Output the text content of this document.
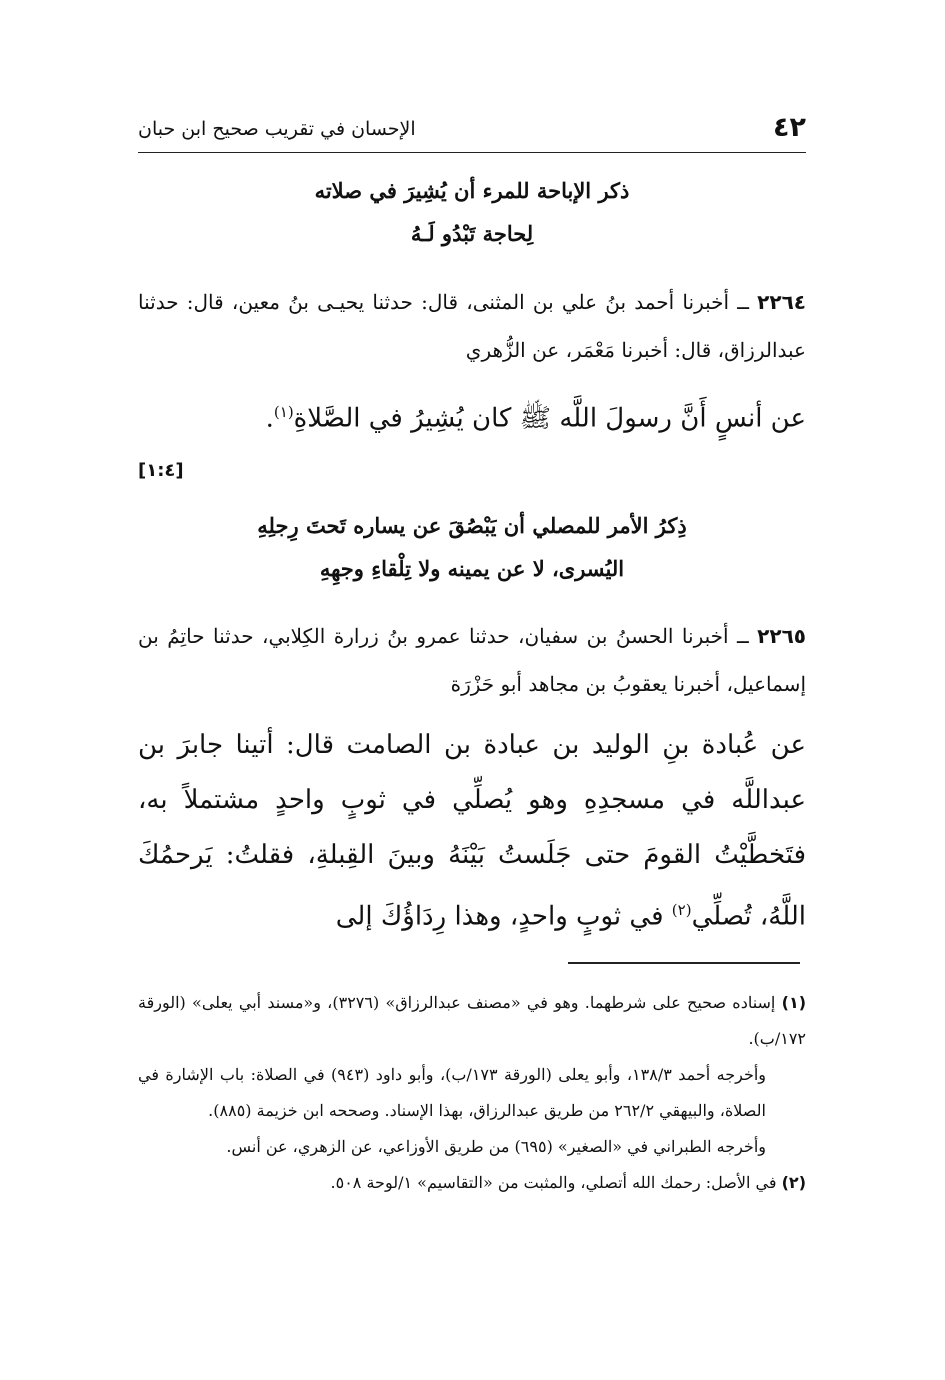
٤٢
الإحسان في تقريب صحيح ابن حبان
ذكر الإباحة للمرء أن يُشِيرَ في صلاته
لِحاجة تَبْدُو لَـهُ
٢٢٦٤ ــ أخبرنا أحمد بنُ علي بن المثنى، قال: حدثنا يحيـى بنُ معين، قال: حدثنا عبدالرزاق، قال: أخبرنا مَعْمَر، عن الزُّهري
عن أنسٍ أَنَّ رسولَ اللَّه ﷺ كان يُشِيرُ في الصَّلاةِ$^{(١)}$.
[١:٤]
ذِكرُ الأمر للمصلي أن يَبْصُقَ عن يساره تَحتَ رِجلِهِ
اليُسرى، لا عن يمينه ولا تِلْقاءِ وجهِهِ
٢٢٦٥ ــ أخبرنا الحسنُ بن سفيان، حدثنا عمرو بنُ زرارة الكِلابي، حدثنا حاتِمُ بن إسماعيل، أخبرنا يعقوبُ بن مجاهد أبو حَزْرَة
عن عُبادة بنِ الوليد بن عبادة بن الصامت قال: أتينا جابرَ بن عبداللَّه في مسجدِهِ وهو يُصلِّي في ثوبٍ واحدٍ مشتملاً به، فتَخطَّيْتُ القومَ حتى جَلَستُ بَيْنَهُ وبينَ القِبلةِ، فقلتُ: يَرحمُكَ اللَّهُ، تُصلِّي$^{(٢)}$ في ثوبٍ واحدٍ، وهذا رِدَاؤُكَ إلى
(١) إسناده صحيح على شرطهما. وهو في «مصنف عبدالرزاق» (٣٢٧٦)، و«مسند أبي يعلى» (الورقة ١٧٢/ب).
وأخرجه أحمد ١٣٨/٣، وأبو يعلى (الورقة ١٧٣/ب)، وأبو داود (٩٤٣) في الصلاة: باب الإشارة في الصلاة، والبيهقي ٢٦٢/٢ من طريق عبدالرزاق، بهذا الإسناد. وصححه ابن خزيمة (٨٨٥).
وأخرجه الطبراني في «الصغير» (٦٩٥) من طريق الأوزاعي، عن الزهري، عن أنس.
(٢) في الأصل: رحمك الله أتصلي، والمثبت من «التقاسيم» ١/لوحة ٥٠٨.
